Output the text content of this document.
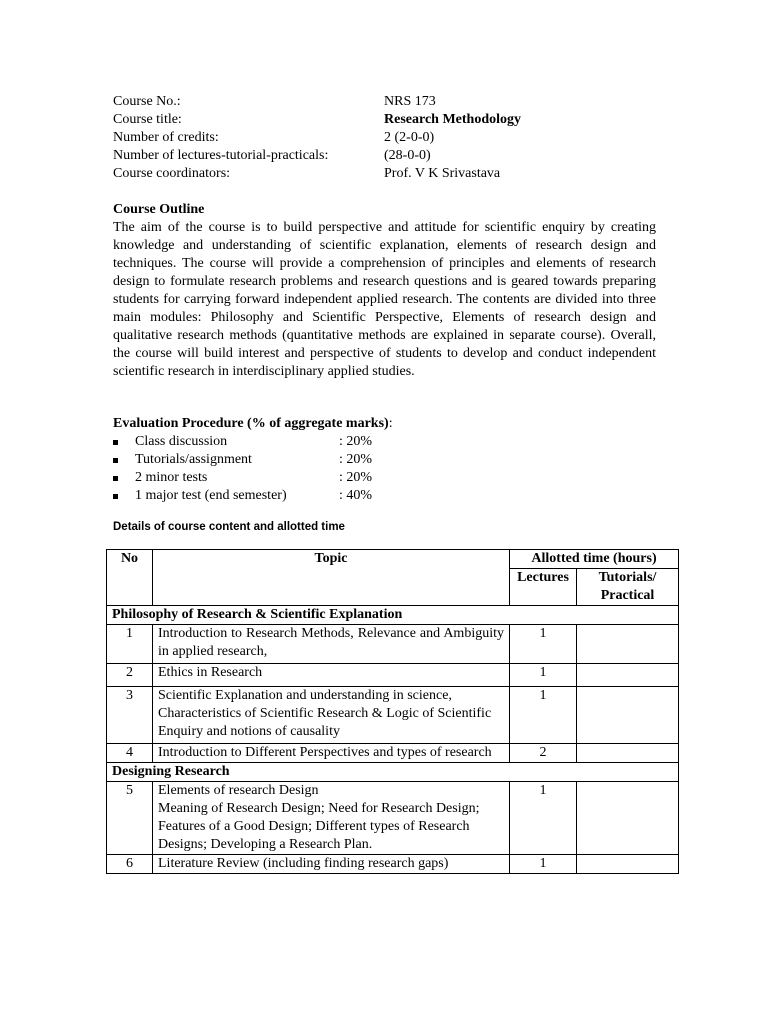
Course No.:	NRS 173
Course title:	Research Methodology
Number of credits:	2 (2-0-0)
Number of lectures-tutorial-practicals:	(28-0-0)
Course coordinators:	Prof. V K Srivastava
Course Outline

The aim of the course is to build perspective and attitude for scientific enquiry by creating knowledge and understanding of scientific explanation, elements of research design and techniques. The course will provide a comprehension of principles and elements of research design to formulate research problems and research questions and is geared towards preparing students for carrying forward independent applied research. The contents are divided into three main modules: Philosophy and Scientific Perspective, Elements of research design and qualitative research methods (quantitative methods are explained in separate course). Overall, the course will build interest and perspective of students to develop and conduct independent scientific research in interdisciplinary applied studies.

Evaluation Procedure (% of aggregate marks):
Class discussion	: 20%
Tutorials/assignment	: 20%
2 minor tests	: 20%
1 major test (end semester)	: 40%
Details of course content and allotted time
No	Topic	Allotted time (hours)	
		Lectures	Tutorials/ Practical
Philosophy of Research & Scientific Explanation			
1	Introduction to Research Methods, Relevance and Ambiguity in applied research,	1	
2	Ethics in Research	1	
3	Scientific Explanation and understanding in science, Characteristics of Scientific Research & Logic of Scientific Enquiry and notions of causality	1	
4	Introduction to Different Perspectives and types of research	2	
Designing Research			
5	Elements of research Design
Meaning of Research Design; Need for Research Design; Features of a Good Design; Different types of Research Designs; Developing a Research Plan.	1	
6	Literature Review (including finding research gaps)	1	
